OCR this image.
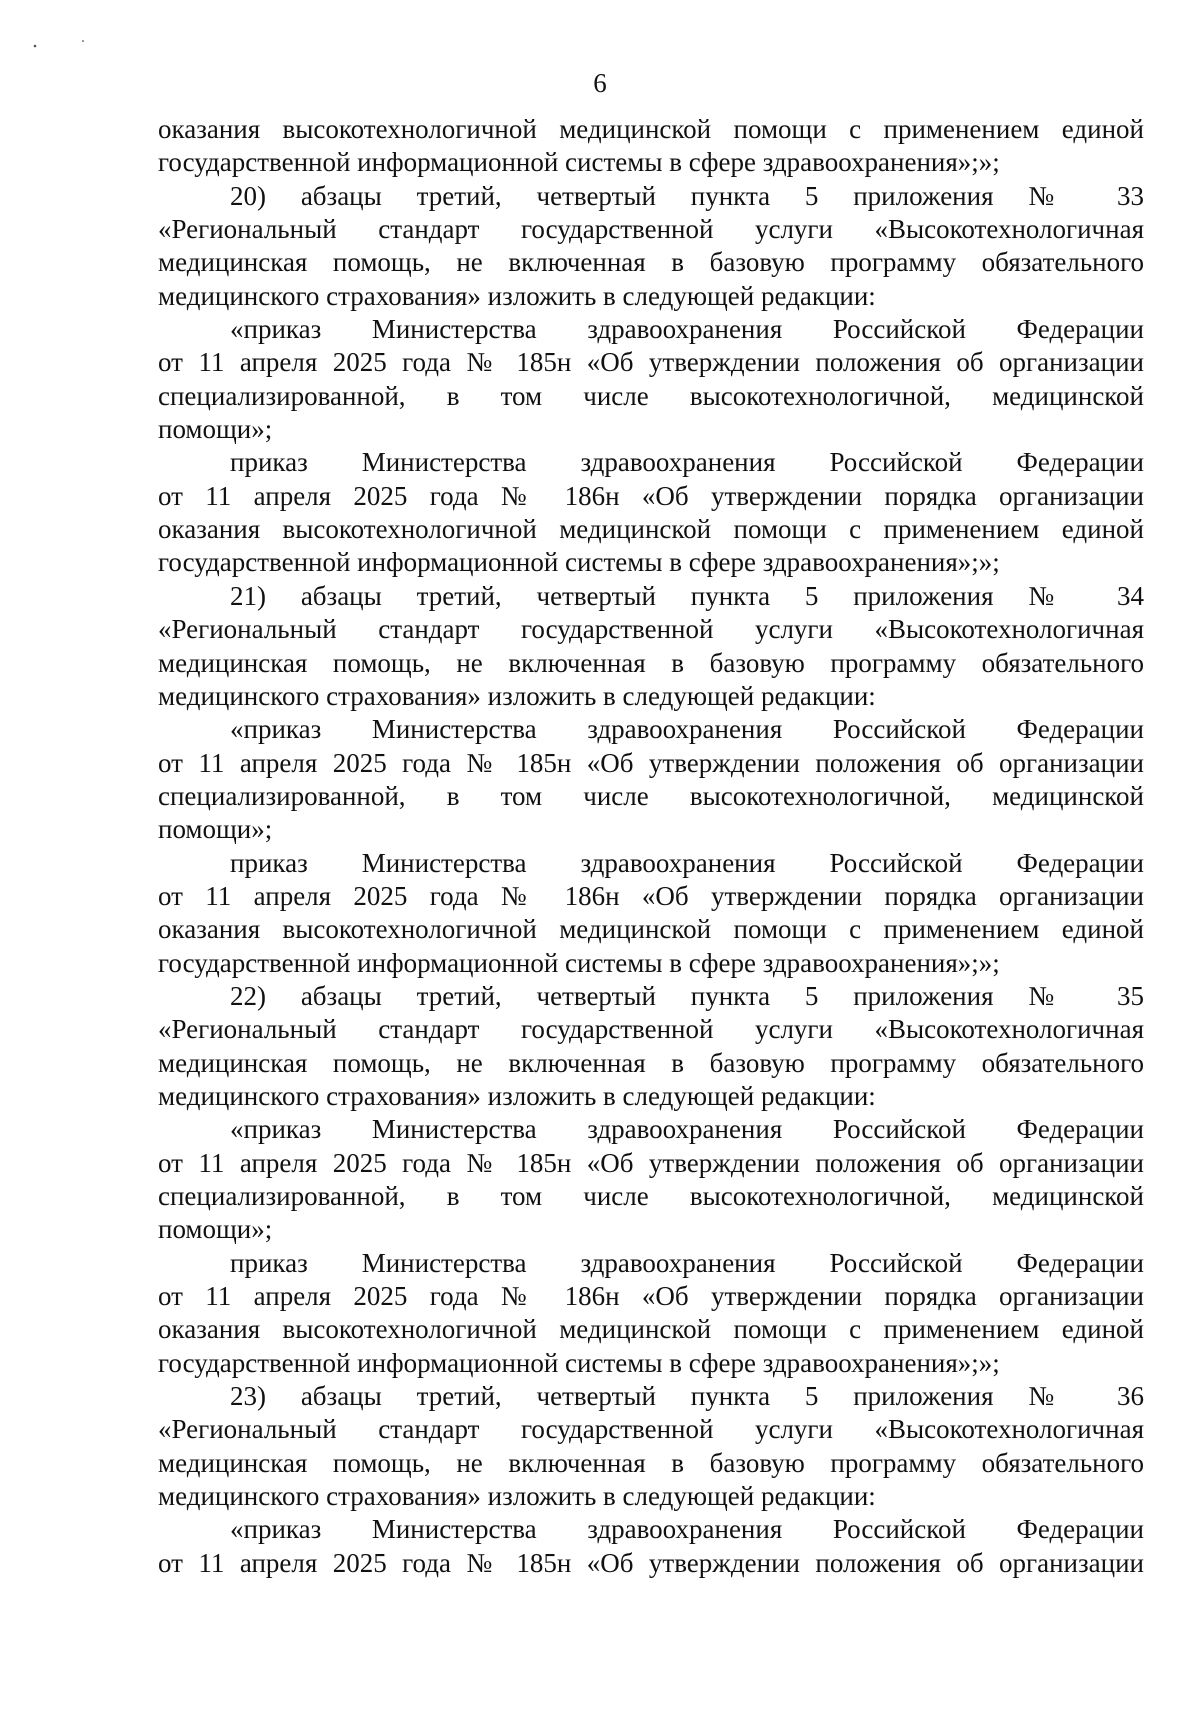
6
оказания высокотехнологичной медицинской помощи с применением единой
государственной информационной системы в сфере здравоохранения»;»;
20) абзацы третий, четвертый пункта 5 приложения № 33
«Региональный стандарт государственной услуги «Высокотехнологичная
медицинская помощь, не включенная в базовую программу обязательного
медицинского страхования» изложить в следующей редакции:
«приказ Министерства здравоохранения Российской Федерации
от 11 апреля 2025 года № 185н «Об утверждении положения об организации
специализированной, в том числе высокотехнологичной, медицинской
помощи»;
приказ Министерства здравоохранения Российской Федерации
от 11 апреля 2025 года № 186н «Об утверждении порядка организации
оказания высокотехнологичной медицинской помощи с применением единой
государственной информационной системы в сфере здравоохранения»;»;
21) абзацы третий, четвертый пункта 5 приложения № 34
«Региональный стандарт государственной услуги «Высокотехнологичная
медицинская помощь, не включенная в базовую программу обязательного
медицинского страхования» изложить в следующей редакции:
«приказ Министерства здравоохранения Российской Федерации
от 11 апреля 2025 года № 185н «Об утверждении положения об организации
специализированной, в том числе высокотехнологичной, медицинской
помощи»;
приказ Министерства здравоохранения Российской Федерации
от 11 апреля 2025 года № 186н «Об утверждении порядка организации
оказания высокотехнологичной медицинской помощи с применением единой
государственной информационной системы в сфере здравоохранения»;»;
22) абзацы третий, четвертый пункта 5 приложения № 35
«Региональный стандарт государственной услуги «Высокотехнологичная
медицинская помощь, не включенная в базовую программу обязательного
медицинского страхования» изложить в следующей редакции:
«приказ Министерства здравоохранения Российской Федерации
от 11 апреля 2025 года № 185н «Об утверждении положения об организации
специализированной, в том числе высокотехнологичной, медицинской
помощи»;
приказ Министерства здравоохранения Российской Федерации
от 11 апреля 2025 года № 186н «Об утверждении порядка организации
оказания высокотехнологичной медицинской помощи с применением единой
государственной информационной системы в сфере здравоохранения»;»;
23) абзацы третий, четвертый пункта 5 приложения № 36
«Региональный стандарт государственной услуги «Высокотехнологичная
медицинская помощь, не включенная в базовую программу обязательного
медицинского страхования» изложить в следующей редакции:
«приказ Министерства здравоохранения Российской Федерации
от 11 апреля 2025 года № 185н «Об утверждении положения об организации
